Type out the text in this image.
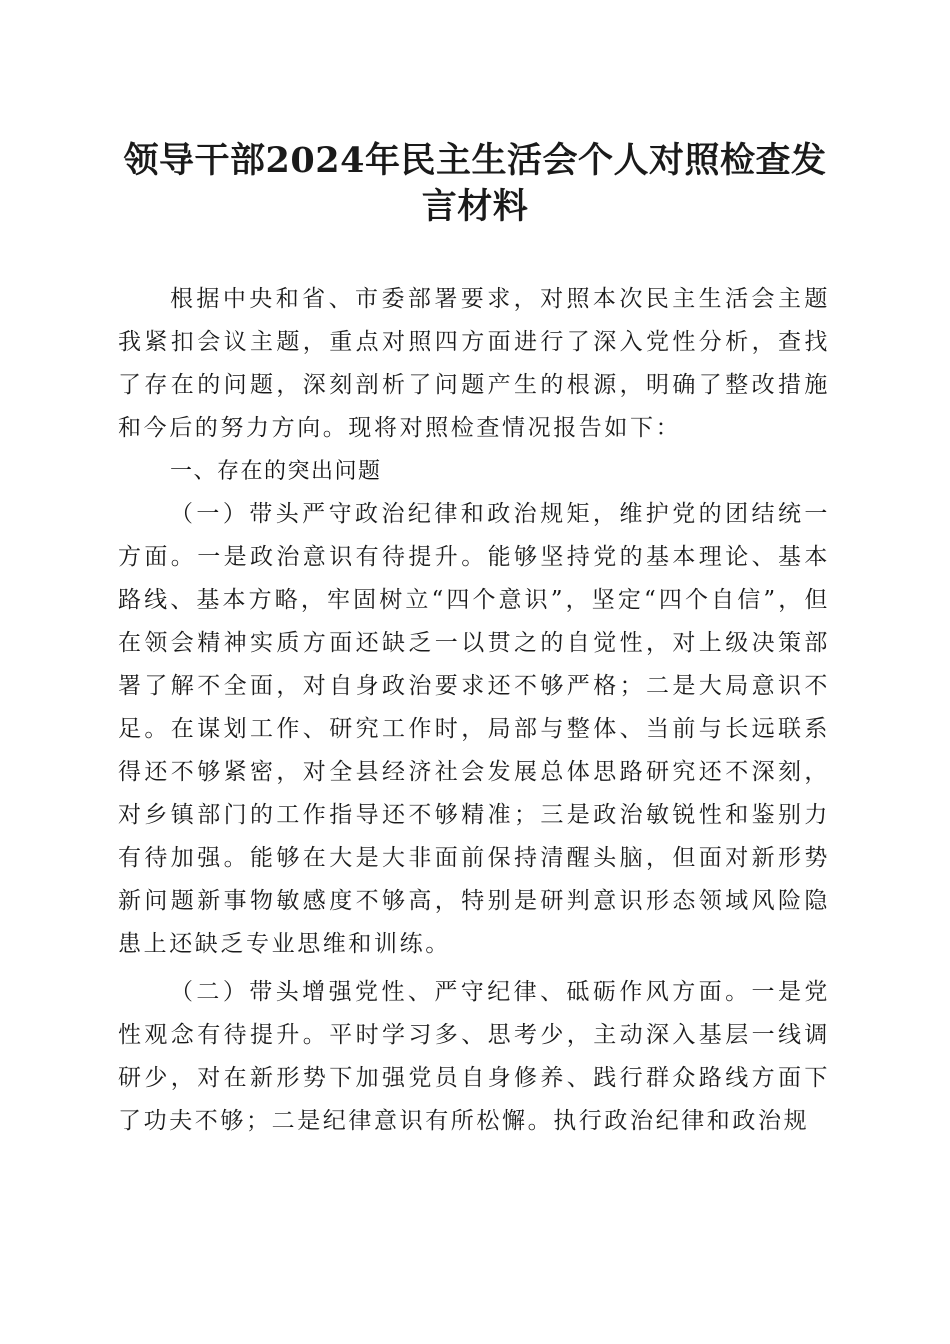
领导干部2024年民主生活会个人对照检查发
言材料

根据中央和省、市委部署要求，对照本次民主生活会主题我紧扣会议主题，重点对照四方面进行了深入党性分析，查找了存在的问题，深刻剖析了问题产生的根源，明确了整改措施和今后的努力方向。现将对照检查情况报告如下：

一、存在的突出问题

（一）带头严守政治纪律和政治规矩，维护党的团结统一方面。一是政治意识有待提升。能够坚持党的基本理论、基本路线、基本方略，牢固树立“四个意识”，坚定“四个自信”，但在领会精神实质方面还缺乏一以贯之的自觉性，对上级决策部署了解不全面，对自身政治要求还不够严格；二是大局意识不足。在谋划工作、研究工作时，局部与整体、当前与长远联系得还不够紧密，对全县经济社会发展总体思路研究还不深刻，对乡镇部门的工作指导还不够精准；三是政治敏锐性和鉴别力有待加强。能够在大是大非面前保持清醒头脑，但面对新形势新问题新事物敏感度不够高，特别是研判意识形态领域风险隐患上还缺乏专业思维和训练。

（二）带头增强党性、严守纪律、砥砺作风方面。一是党性观念有待提升。平时学习多、思考少，主动深入基层一线调研少，对在新形势下加强党员自身修养、践行群众路线方面下了功夫不够；二是纪律意识有所松懈。执行政治纪律和政治规
